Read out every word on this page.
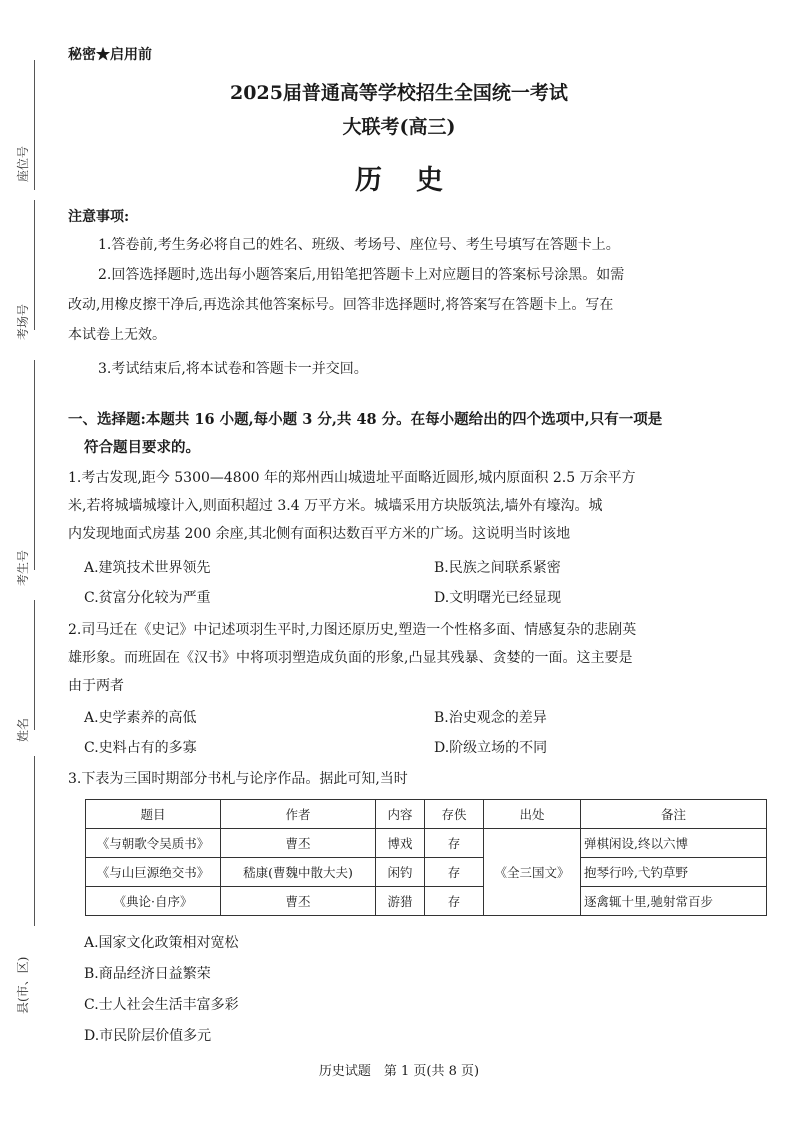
座位号
考场号
考生号
姓名
县(市、区)
秘密★启用前
2025届普通高等学校招生全国统一考试
大联考(高三)
历史
注意事项:
1.答卷前,考生务必将自己的姓名、班级、考场号、座位号、考生号填写在答题卡上。
2.回答选择题时,选出每小题答案后,用铅笔把答题卡上对应题目的答案标号涂黑。如需
改动,用橡皮擦干净后,再选涂其他答案标号。回答非选择题时,将答案写在答题卡上。写在
本试卷上无效。
3.考试结束后,将本试卷和答题卡一并交回。
一、选择题:本题共 16 小题,每小题 3 分,共 48 分。在每小题给出的四个选项中,只有一项是
符合题目要求的。
1.考古发现,距今 5300—4800 年的郑州西山城遗址平面略近圆形,城内原面积 2.5 万余平方
米,若将城墙城壕计入,则面积超过 3.4 万平方米。城墙采用方块版筑法,墙外有壕沟。城
内发现地面式房基 200 余座,其北侧有面积达数百平方米的广场。这说明当时该地
A.建筑技术世界领先	B.民族之间联系紧密
C.贫富分化较为严重	D.文明曙光已经显现
2.司马迁在《史记》中记述项羽生平时,力图还原历史,塑造一个性格多面、情感复杂的悲剧英
雄形象。而班固在《汉书》中将项羽塑造成负面的形象,凸显其残暴、贪婪的一面。这主要是
由于两者
A.史学素养的高低	B.治史观念的差异
C.史料占有的多寡	D.阶级立场的不同
3.下表为三国时期部分书札与论序作品。据此可知,当时
题目	作者	内容	存佚	出处	备注
《与朝歌令吴质书》	曹丕	博戏	存	《全三国文》	弹棋闲设,终以六博
《与山巨源绝交书》	嵇康(曹魏中散大夫)	闲钓	存		抱琴行吟,弋钓草野
《典论·自序》	曹丕	游猎	存		逐禽辄十里,驰射常百步
A.国家文化政策相对宽松
B.商品经济日益繁荣
C.士人社会生活丰富多彩
D.市民阶层价值多元
历史试题　第 1 页(共 8 页)
